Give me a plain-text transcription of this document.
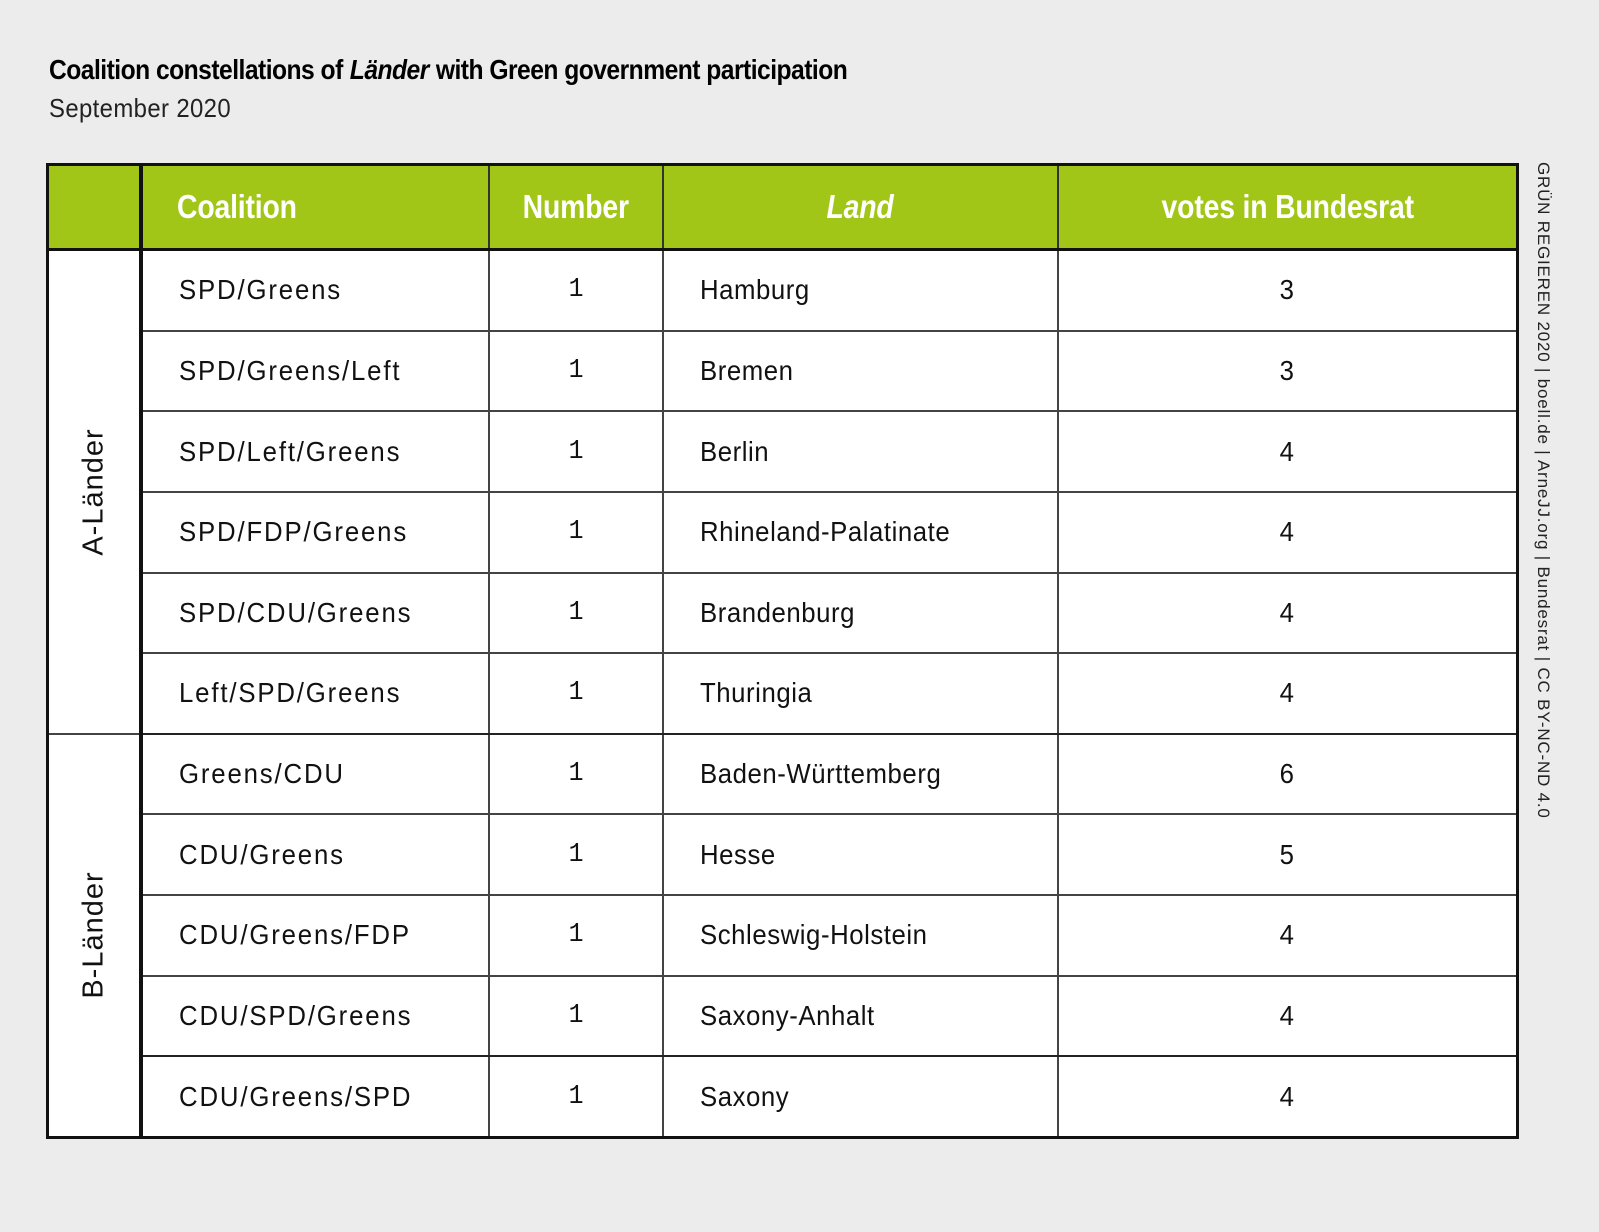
Coalition constellations of Länder with Green government participation
September 2020
	Coalition	Number	Land	votes in Bundesrat

A-Länder	SPD/Greens	1	Hamburg	3
	SPD/Greens/Left	1	Bremen	3
	SPD/Left/Greens	1	Berlin	4
	SPD/FDP/Greens	1	Rhineland-Palatinate	4
	SPD/CDU/Greens	1	Brandenburg	4
	Left/SPD/Greens	1	Thuringia	4

B-Länder	Greens/CDU	1	Baden-Württemberg	6
	CDU/Greens	1	Hesse	5
	CDU/Greens/FDP	1	Schleswig-Holstein	4
	CDU/SPD/Greens	1	Saxony-Anhalt	4
	CDU/Greens/SPD	1	Saxony	4
GRÜN REGIEREN 2020 | boell.de | ArneJJ.org | Bundesrat | CC BY-NC-ND 4.0
